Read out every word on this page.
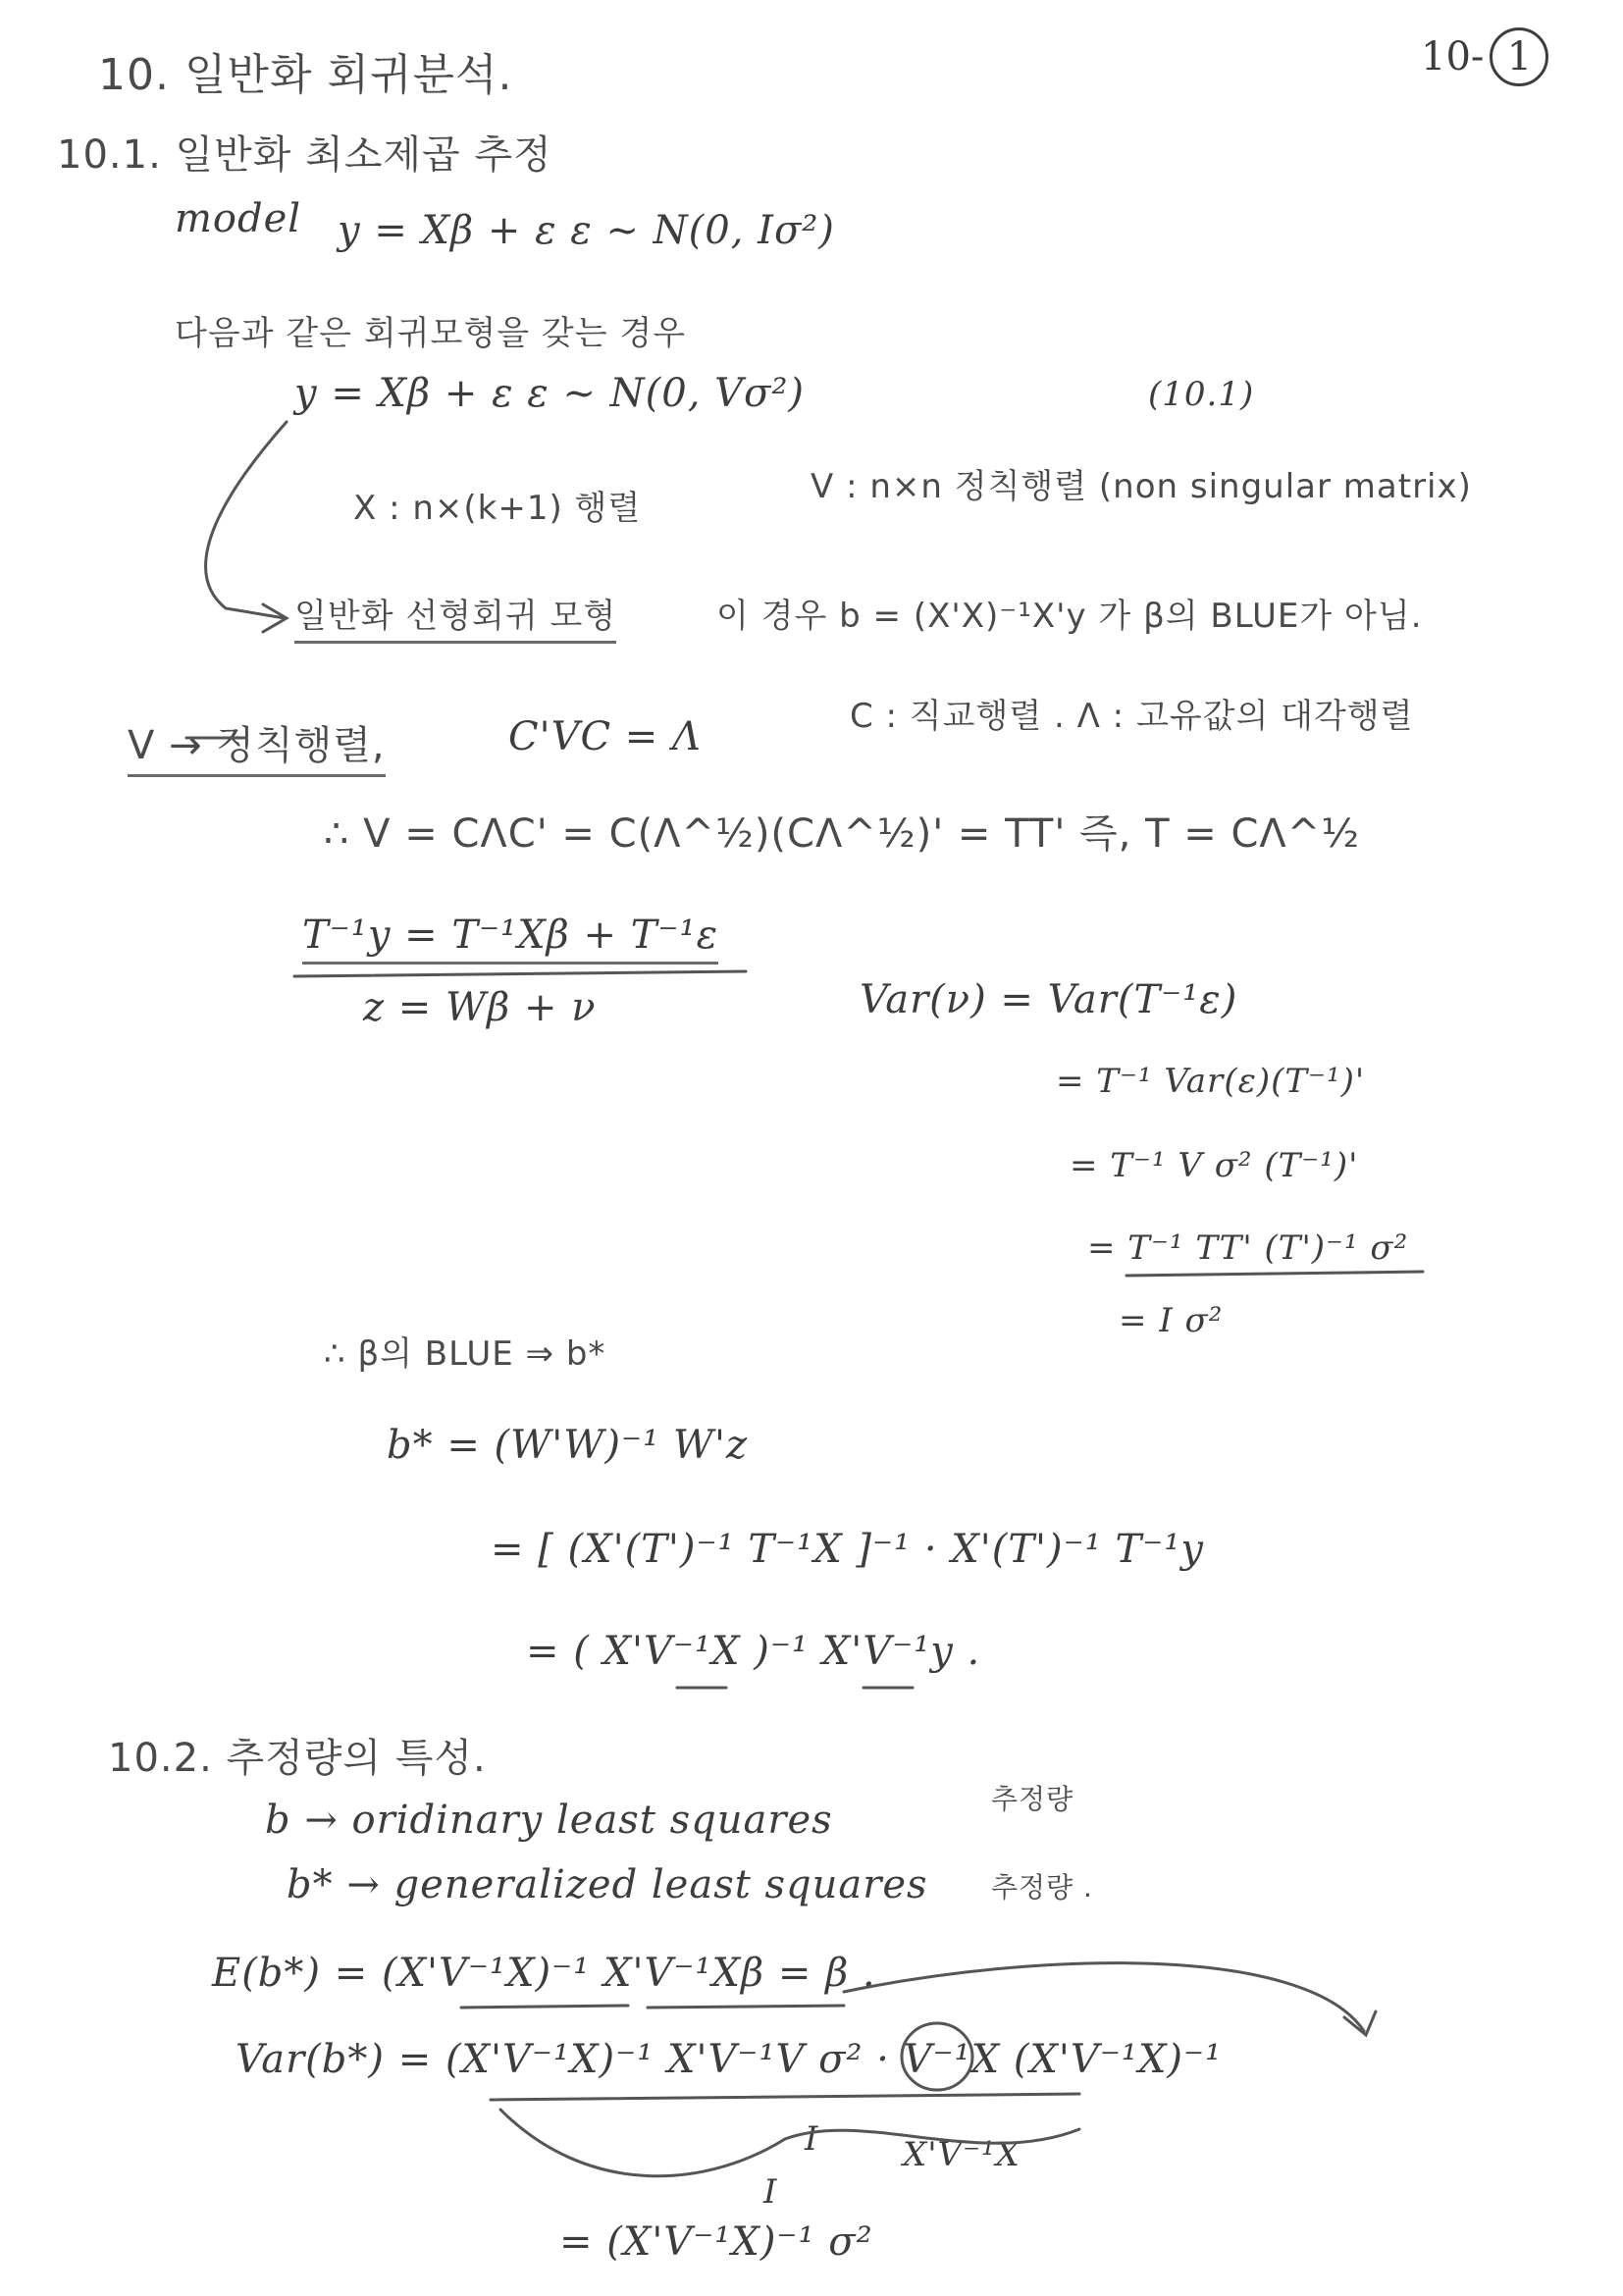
10- 1
10. 일반화 회귀분석.
10.1. 일반화 최소제곱 추정
model y = Xβ + ε ε ~ N(0, Iσ²)
다음과 같은 회귀모형을 갖는 경우
y = Xβ + ε ε ~ N(0, Vσ²)	(10.1)
X : n×(k+1) 행렬
V : n×n 정칙행렬 (non singular matrix)
일반화 선형회귀 모형	이 경우 b = (X'X)⁻¹X'y 가 β의 BLUE가 아님.
V → 정칙행렬,	C'VC = Λ	C : 직교행렬 . Λ : 고유값의 대각행렬
∴ V = CΛC' = C(Λ^½)(CΛ^½)' = TT' 즉, T = CΛ^½
T⁻¹y = T⁻¹Xβ + T⁻¹ε
z = Wβ + ν	Var(ν) = Var(T⁻¹ε)
= T⁻¹ Var(ε)(T⁻¹)'
= T⁻¹ V σ² (T⁻¹)'
= T⁻¹ TT' (T')⁻¹ σ²
= I σ²
∴ β의 BLUE ⇒ b*
b* = (W'W)⁻¹ W'z
= [ (X'(T')⁻¹ T⁻¹X ]⁻¹ · X'(T')⁻¹ T⁻¹y
= ( X'V⁻¹X )⁻¹ X'V⁻¹y .
10.2. 추정량의 특성.
b → oridinary least squares	추정량
b* → generalized least squares 추정량 .
E(b*) = (X'V⁻¹X)⁻¹ X'V⁻¹Xβ = β .
Var(b*) = (X'V⁻¹X)⁻¹ X'V⁻¹V σ² · V⁻¹X (X'V⁻¹X)⁻¹
I	X'V⁻¹X
I
= (X'V⁻¹X)⁻¹ σ²
